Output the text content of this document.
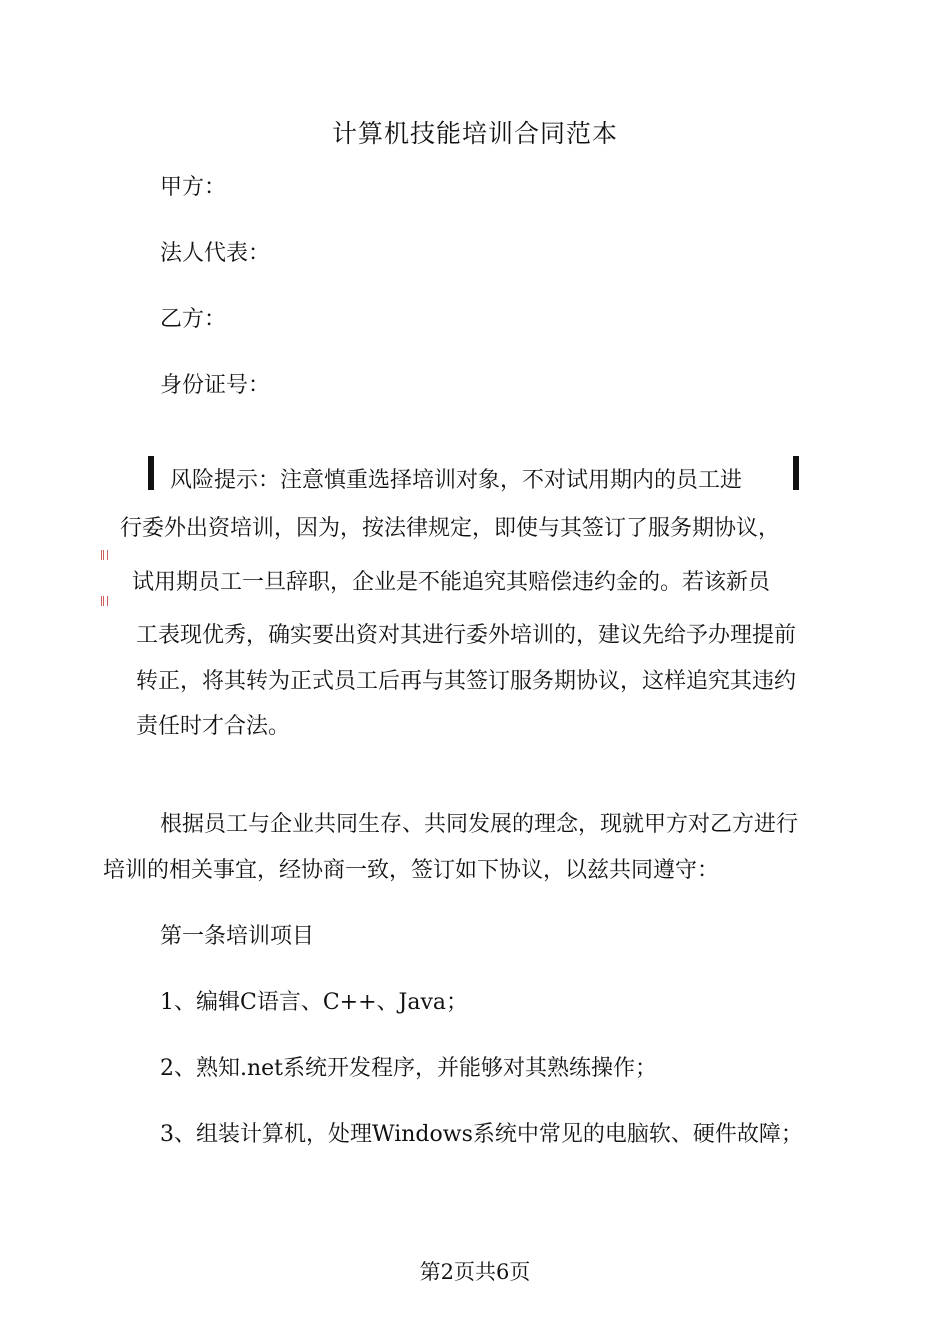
计算机技能培训合同范本
甲方：
法人代表：
乙方：
身份证号：
风险提示：注意慎重选择培训对象，不对试用期内的员工进
行委外出资培训，因为，按法律规定，即使与其签订了服务期协议，
试用期员工一旦辞职，企业是不能追究其赔偿违约金的。若该新员
工表现优秀，确实要出资对其进行委外培训的，建议先给予办理提前
转正，将其转为正式员工后再与其签订服务期协议，这样追究其违约
责任时才合法。
根据员工与企业共同生存、共同发展的理念，现就甲方对乙方进行
培训的相关事宜，经协商一致，签订如下协议，以兹共同遵守：
第一条培训项目
1、编辑C语言、C++、Java；
2、熟知.net系统开发程序，并能够对其熟练操作；
3、组装计算机，处理Windows系统中常见的电脑软、硬件故障；
第2页共6页
